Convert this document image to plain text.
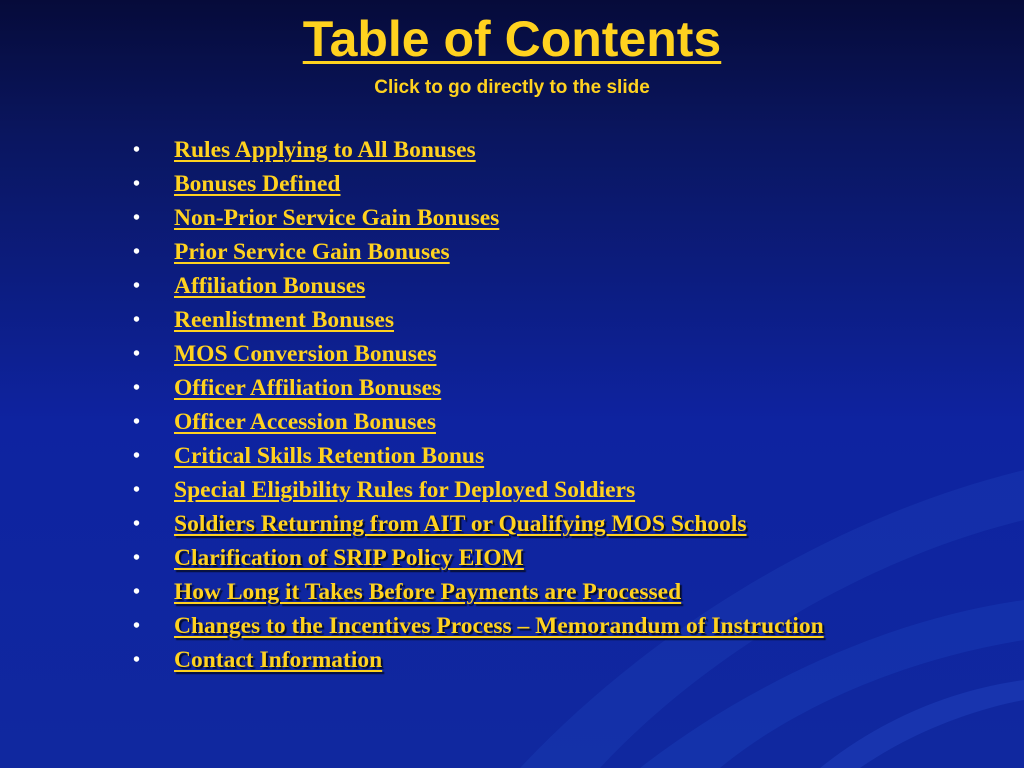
Table of Contents

Click to go directly to the slide

• Rules Applying to All Bonuses
• Bonuses Defined
• Non-Prior Service Gain Bonuses
• Prior Service Gain Bonuses
• Affiliation Bonuses
• Reenlistment Bonuses
• MOS Conversion Bonuses
• Officer Affiliation Bonuses
• Officer Accession Bonuses
• Critical Skills Retention Bonus
• Special Eligibility Rules for Deployed Soldiers
• Soldiers Returning from AIT or Qualifying MOS Schools
• Clarification of SRIP Policy EIOM
• How Long it Takes Before Payments are Processed
• Changes to the Incentives Process – Memorandum of Instruction
• Contact Information
